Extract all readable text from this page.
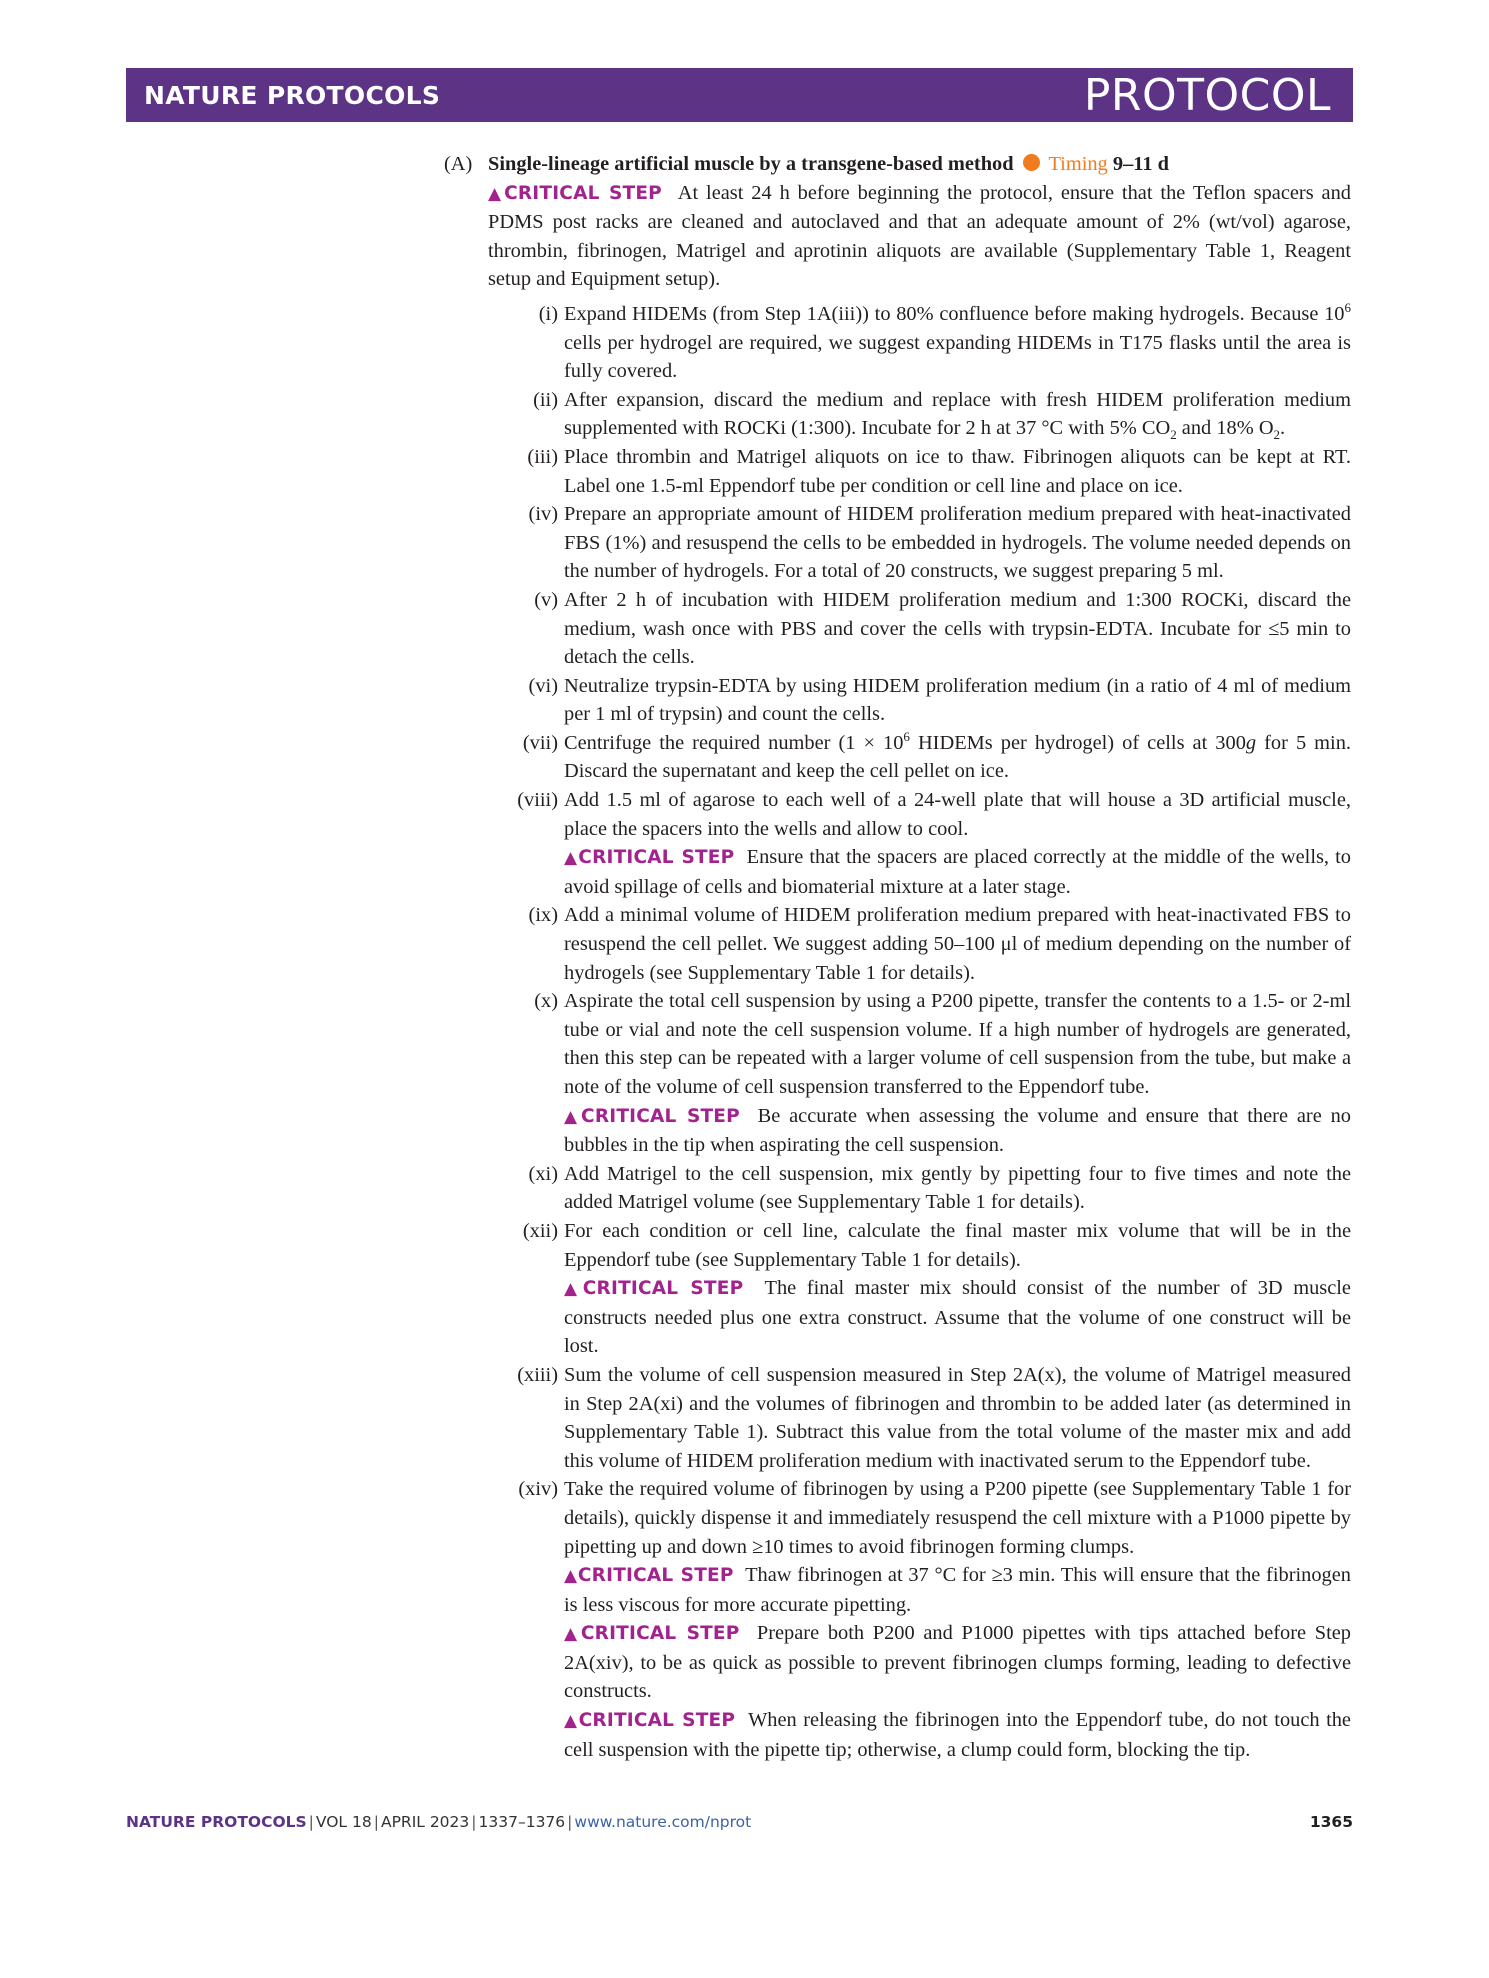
NATURE PROTOCOLS	PROTOCOL
(A) Single-lineage artificial muscle by a transgene-based method Timing 9–11 d
▲CRITICAL STEP At least 24 h before beginning the protocol, ensure that the Teflon spacers and PDMS post racks are cleaned and autoclaved and that an adequate amount of 2% (wt/vol) agarose, thrombin, fibrinogen, Matrigel and aprotinin aliquots are available (Supplementary Table 1, Reagent setup and Equipment setup).
(i) Expand HIDEMs (from Step 1A(iii)) to 80% confluence before making hydrogels. Because $10^6$ cells per hydrogel are required, we suggest expanding HIDEMs in T175 flasks until the area is fully covered.
(ii) After expansion, discard the medium and replace with fresh HIDEM proliferation medium supplemented with ROCKi (1:300). Incubate for 2 h at 37 °C with 5% $CO_2$ and 18% $O_2$.
(iii) Place thrombin and Matrigel aliquots on ice to thaw. Fibrinogen aliquots can be kept at RT. Label one 1.5-ml Eppendorf tube per condition or cell line and place on ice.
(iv) Prepare an appropriate amount of HIDEM proliferation medium prepared with heat-inactivated FBS (1%) and resuspend the cells to be embedded in hydrogels. The volume needed depends on the number of hydrogels. For a total of 20 constructs, we suggest preparing 5 ml.
(v) After 2 h of incubation with HIDEM proliferation medium and 1:300 ROCKi, discard the medium, wash once with PBS and cover the cells with trypsin-EDTA. Incubate for ≤5 min to detach the cells.
(vi) Neutralize trypsin-EDTA by using HIDEM proliferation medium (in a ratio of 4 ml of medium per 1 ml of trypsin) and count the cells.
(vii) Centrifuge the required number ($1 \times 10^6$ HIDEMs per hydrogel) of cells at 300g for 5 min. Discard the supernatant and keep the cell pellet on ice.
(viii) Add 1.5 ml of agarose to each well of a 24-well plate that will house a 3D artificial muscle, place the spacers into the wells and allow to cool.
▲CRITICAL STEP Ensure that the spacers are placed correctly at the middle of the wells, to avoid spillage of cells and biomaterial mixture at a later stage.
(ix) Add a minimal volume of HIDEM proliferation medium prepared with heat-inactivated FBS to resuspend the cell pellet. We suggest adding 50–100 μl of medium depending on the number of hydrogels (see Supplementary Table 1 for details).
(x) Aspirate the total cell suspension by using a P200 pipette, transfer the contents to a 1.5- or 2-ml tube or vial and note the cell suspension volume. If a high number of hydrogels are generated, then this step can be repeated with a larger volume of cell suspension from the tube, but make a note of the volume of cell suspension transferred to the Eppendorf tube.
▲CRITICAL STEP Be accurate when assessing the volume and ensure that there are no bubbles in the tip when aspirating the cell suspension.
(xi) Add Matrigel to the cell suspension, mix gently by pipetting four to five times and note the added Matrigel volume (see Supplementary Table 1 for details).
(xii) For each condition or cell line, calculate the final master mix volume that will be in the Eppendorf tube (see Supplementary Table 1 for details).
▲CRITICAL STEP The final master mix should consist of the number of 3D muscle constructs needed plus one extra construct. Assume that the volume of one construct will be lost.
(xiii) Sum the volume of cell suspension measured in Step 2A(x), the volume of Matrigel measured in Step 2A(xi) and the volumes of fibrinogen and thrombin to be added later (as determined in Supplementary Table 1). Subtract this value from the total volume of the master mix and add this volume of HIDEM proliferation medium with inactivated serum to the Eppendorf tube.
(xiv) Take the required volume of fibrinogen by using a P200 pipette (see Supplementary Table 1 for details), quickly dispense it and immediately resuspend the cell mixture with a P1000 pipette by pipetting up and down ≥10 times to avoid fibrinogen forming clumps.
▲CRITICAL STEP Thaw fibrinogen at 37 °C for ≥3 min. This will ensure that the fibrinogen is less viscous for more accurate pipetting.
▲CRITICAL STEP Prepare both P200 and P1000 pipettes with tips attached before Step 2A(xiv), to be as quick as possible to prevent fibrinogen clumps forming, leading to defective constructs.
▲CRITICAL STEP When releasing the fibrinogen into the Eppendorf tube, do not touch the cell suspension with the pipette tip; otherwise, a clump could form, blocking the tip.
NATURE PROTOCOLS | VOL 18 | APRIL 2023 | 1337–1376 | www.nature.com/nprot	1365
